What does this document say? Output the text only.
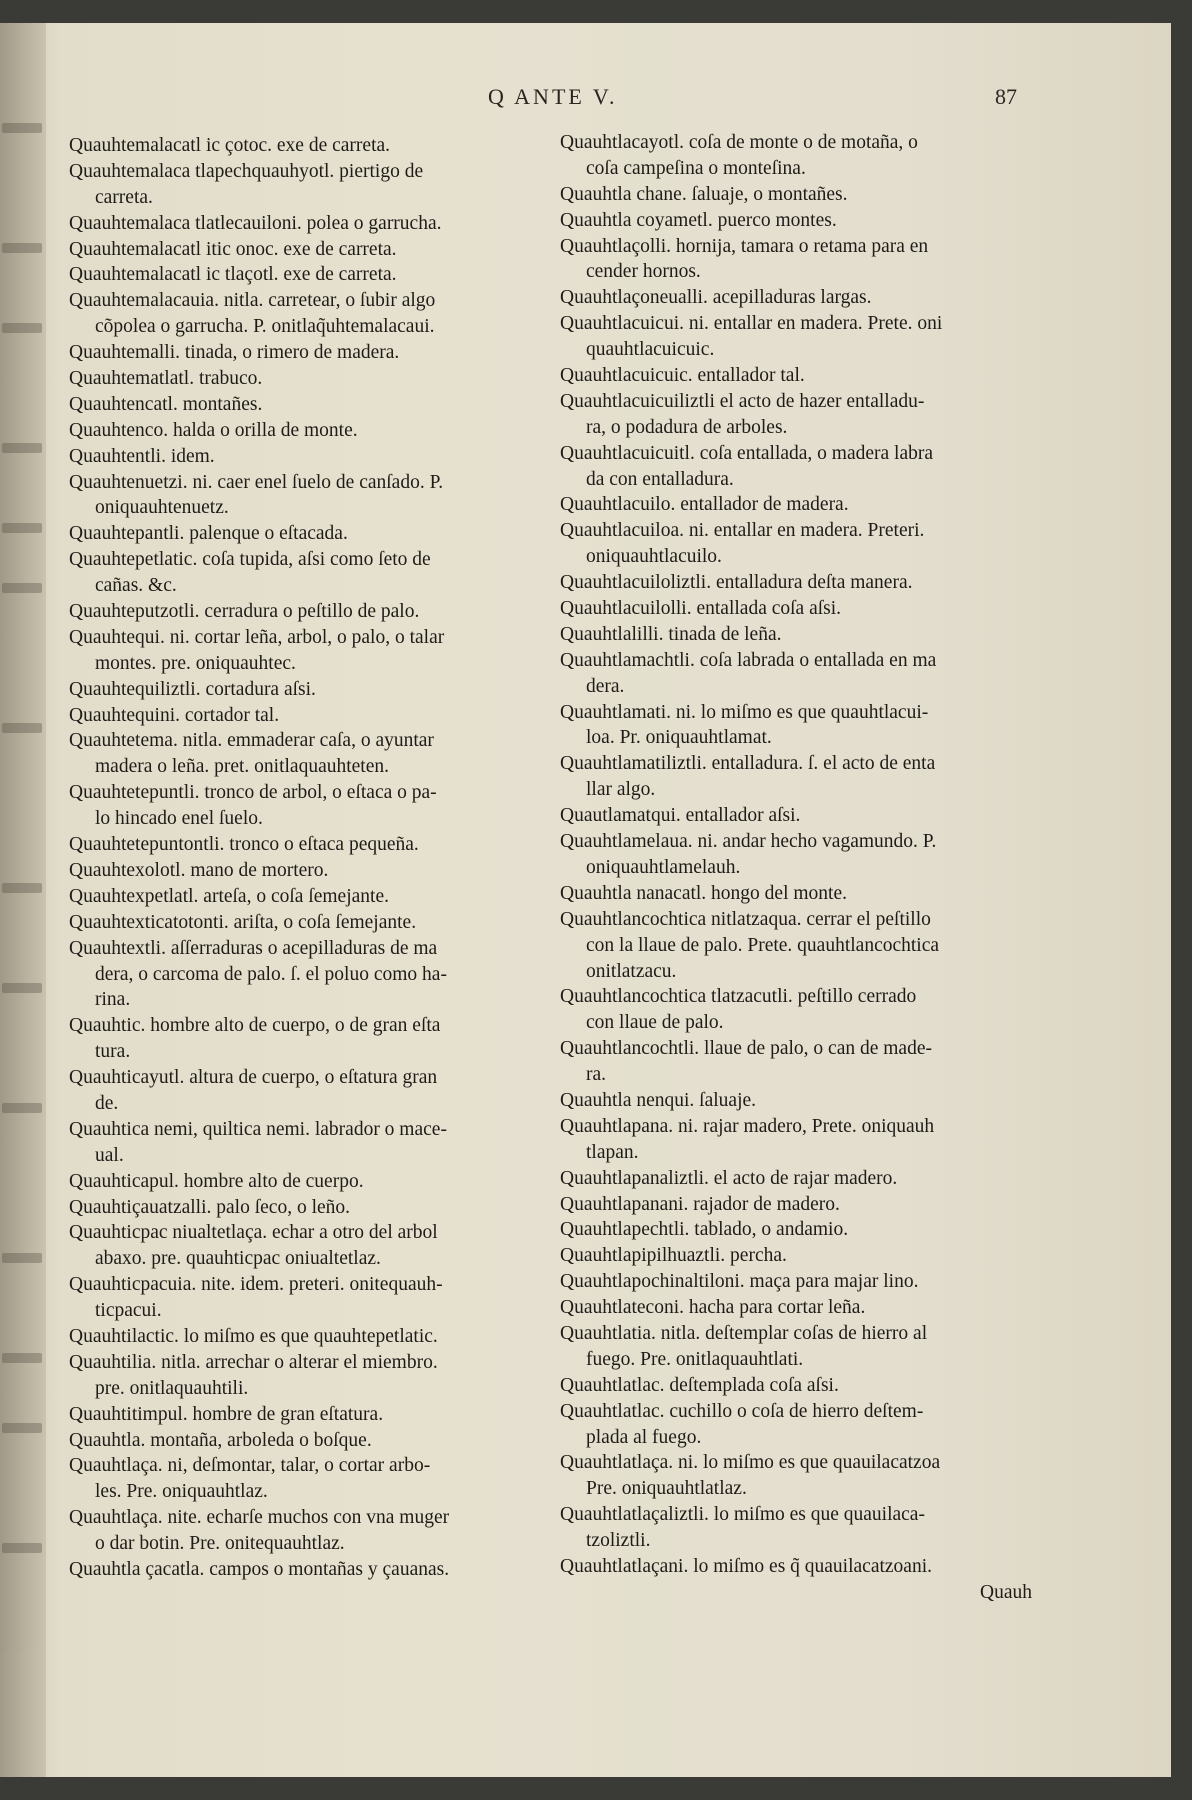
Q ANTE V.	87
Quauhtemalacatl ic çotoc. exe de carreta.
Quauhtemalaca tlapechquauhyotl. piertigo de
carreta.
Quauhtemalaca tlatlecauiloni. polea o garrucha.
Quauhtemalacatl itic onoc. exe de carreta.
Quauhtemalacatl ic tlaçotl. exe de carreta.
Quauhtemalacauia. nitla. carretear, o ſubir algo
cõpolea o garrucha. P. onitlaq̃uhtemalacaui.
Quauhtemalli. tinada, o rimero de madera.
Quauhtematlatl. trabuco.
Quauhtencatl. montañes.
Quauhtenco. halda o orilla de monte.
Quauhtentli. idem.
Quauhtenuetzi. ni. caer enel ſuelo de canſado. P.
oniquauhtenuetz.
Quauhtepantli. palenque o eſtacada.
Quauhtepetlatic. coſa tupida, aſsi como ſeto de
cañas. &c.
Quauhteputzotli. cerradura o peſtillo de palo.
Quauhtequi. ni. cortar leña, arbol, o palo, o talar
montes. pre. oniquauhtec.
Quauhtequiliztli. cortadura aſsi.
Quauhtequini. cortador tal.
Quauhtetema. nitla. emmaderar caſa, o ayuntar
madera o leña. pret. onitlaquauhteten.
Quauhtetepuntli. tronco de arbol, o eſtaca o pa-
lo hincado enel ſuelo.
Quauhtetepuntontli. tronco o eſtaca pequeña.
Quauhtexolotl. mano de mortero.
Quauhtexpetlatl. arteſa, o coſa ſemejante.
Quauhtexticatotonti. ariſta, o coſa ſemejante.
Quauhtextli. aſſerraduras o acepilladuras de ma
dera, o carcoma de palo. ſ. el poluo como ha-
rina.
Quauhtic. hombre alto de cuerpo, o de gran eſta
tura.
Quauhticayutl. altura de cuerpo, o eſtatura gran
de.
Quauhtica nemi, quiltica nemi. labrador o mace-
ual.
Quauhticapul. hombre alto de cuerpo.
Quauhtiçauatzalli. palo ſeco, o leño.
Quauhticpac niualtetlaça. echar a otro del arbol
abaxo. pre. quauhticpac oniualtetlaz.
Quauhticpacuia. nite. idem. preteri. onitequauh-
ticpacui.
Quauhtilactic. lo miſmo es que quauhtepetlatic.
Quauhtilia. nitla. arrechar o alterar el miembro.
pre. onitlaquauhtili.
Quauhtitimpul. hombre de gran eſtatura.
Quauhtla. montaña, arboleda o boſque.
Quauhtlaça. ni, deſmontar, talar, o cortar arbo-
les. Pre. oniquauhtlaz.
Quauhtlaça. nite. echarſe muchos con vna muger
o dar botin. Pre. onitequauhtlaz.
Quauhtla çacatla. campos o montañas y çauanas.
Quauhtlacayotl. coſa de monte o de motaña, o
coſa campeſina o monteſina.
Quauhtla chane. ſaluaje, o montañes.
Quauhtla coyametl. puerco montes.
Quauhtlaçolli. hornija, tamara o retama para en
cender hornos.
Quauhtlaçoneualli. acepilladuras largas.
Quauhtlacuicui. ni. entallar en madera. Prete. oni
quauhtlacuicuic.
Quauhtlacuicuic. entallador tal.
Quauhtlacuicuiliztli el acto de hazer entalladu-
ra, o podadura de arboles.
Quauhtlacuicuitl. coſa entallada, o madera labra
da con entalladura.
Quauhtlacuilo. entallador de madera.
Quauhtlacuiloa. ni. entallar en madera. Preteri.
oniquauhtlacuilo.
Quauhtlacuiloliztli. entalladura deſta manera.
Quauhtlacuilolli. entallada coſa aſsi.
Quauhtlalilli. tinada de leña.
Quauhtlamachtli. coſa labrada o entallada en ma
dera.
Quauhtlamati. ni. lo miſmo es que quauhtlacui-
loa. Pr. oniquauhtlamat.
Quauhtlamatiliztli. entalladura. ſ. el acto de enta
llar algo.
Quautlamatqui. entallador aſsi.
Quauhtlamelaua. ni. andar hecho vagamundo. P.
oniquauhtlamelauh.
Quauhtla nanacatl. hongo del monte.
Quauhtlancochtica nitlatzaqua. cerrar el peſtillo
con la llaue de palo. Prete. quauhtlancochtica
onitlatzacu.
Quauhtlancochtica tlatzacutli. peſtillo cerrado
con llaue de palo.
Quauhtlancochtli. llaue de palo, o can de made-
ra.
Quauhtla nenqui. ſaluaje.
Quauhtlapana. ni. rajar madero, Prete. oniquauh
tlapan.
Quauhtlapanaliztli. el acto de rajar madero.
Quauhtlapanani. rajador de madero.
Quauhtlapechtli. tablado, o andamio.
Quauhtlapipilhuaztli. percha.
Quauhtlapochinaltiloni. maça para majar lino.
Quauhtlateconi. hacha para cortar leña.
Quauhtlatia. nitla. deſtemplar coſas de hierro al
fuego. Pre. onitlaquauhtlati.
Quauhtlatlac. deſtemplada coſa aſsi.
Quauhtlatlac. cuchillo o coſa de hierro deſtem-
plada al fuego.
Quauhtlatlaça. ni. lo miſmo es que quauilacatzoa
Pre. oniquauhtlatlaz.
Quauhtlatlaçaliztli. lo miſmo es que quauilaca-
tzoliztli.
Quauhtlatlaçani. lo miſmo es q̃ quauilacatzoani.
Quauh
